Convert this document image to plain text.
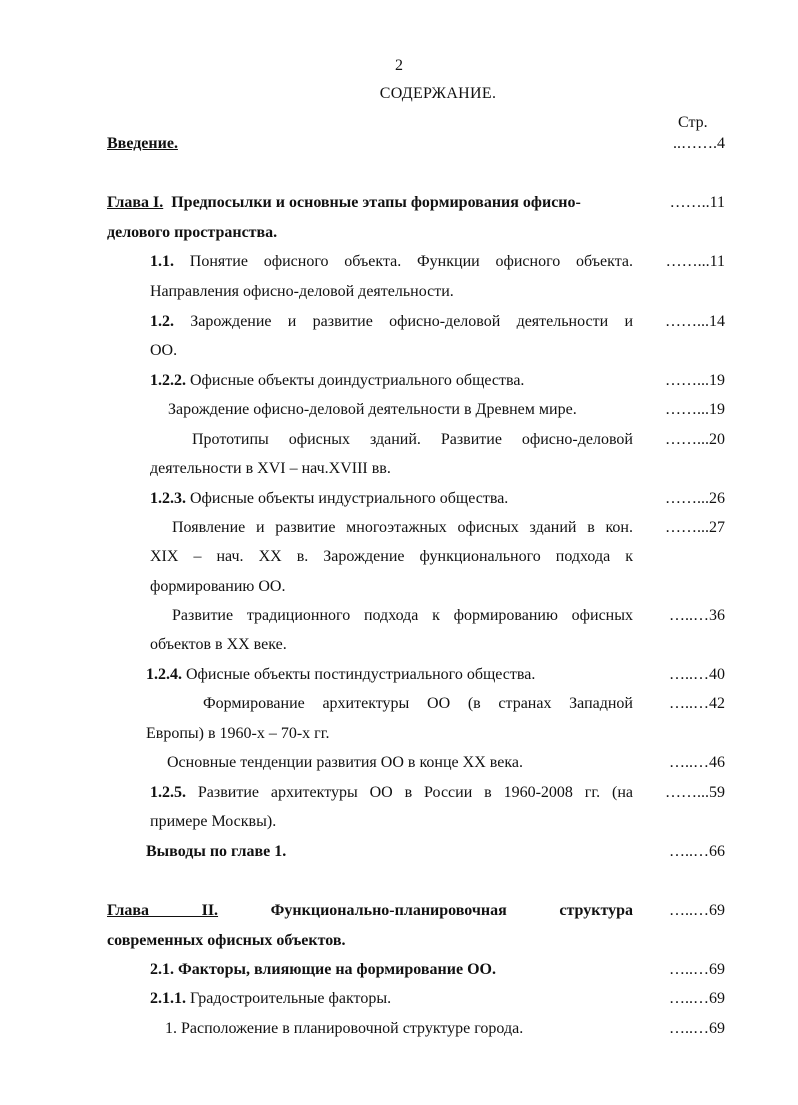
2
СОДЕРЖАНИЕ.
Стр.
Введение.	..…….4
Глава I. Предпосылки и основные этапы формирования офисно-	……..11
делового пространства.
1.1. Понятие офисного объекта. Функции офисного объекта.	……...11
Направления офисно-деловой деятельности.
1.2. Зарождение и развитие офисно-деловой деятельности и	……...14
ОО.
1.2.2. Офисные объекты доиндустриального общества.	……...19
Зарождение офисно-деловой деятельности в Древнем мире.	……...19
Прототипы офисных зданий. Развитие офисно-деловой	……...20
деятельности в XVI – нач.XVIII вв.
1.2.3. Офисные объекты индустриального общества.	……...26
Появление и развитие многоэтажных офисных зданий в кон.	……...27
XIX – нач. XX в. Зарождение функционального подхода к
формированию ОО.
Развитие традиционного подхода к формированию офисных	…..…36
объектов в XX веке.
1.2.4. Офисные объекты постиндустриального общества.	…..…40
Формирование архитектуры ОО (в странах Западной	…..…42
Европы) в 1960-х – 70-х гг.
Основные тенденции развития ОО в конце XX века.	…..…46
1.2.5. Развитие архитектуры ОО в России в 1960-2008 гг. (на	……...59
примере Москвы).
Выводы по главе 1.	…..…66
Глава II.	Функционально-планировочная структура	…..…69
современных офисных объектов.
2.1. Факторы, влияющие на формирование ОО.	…..…69
2.1.1. Градостроительные факторы.	…..…69
1. Расположение в планировочной структуре города.	…..…69
